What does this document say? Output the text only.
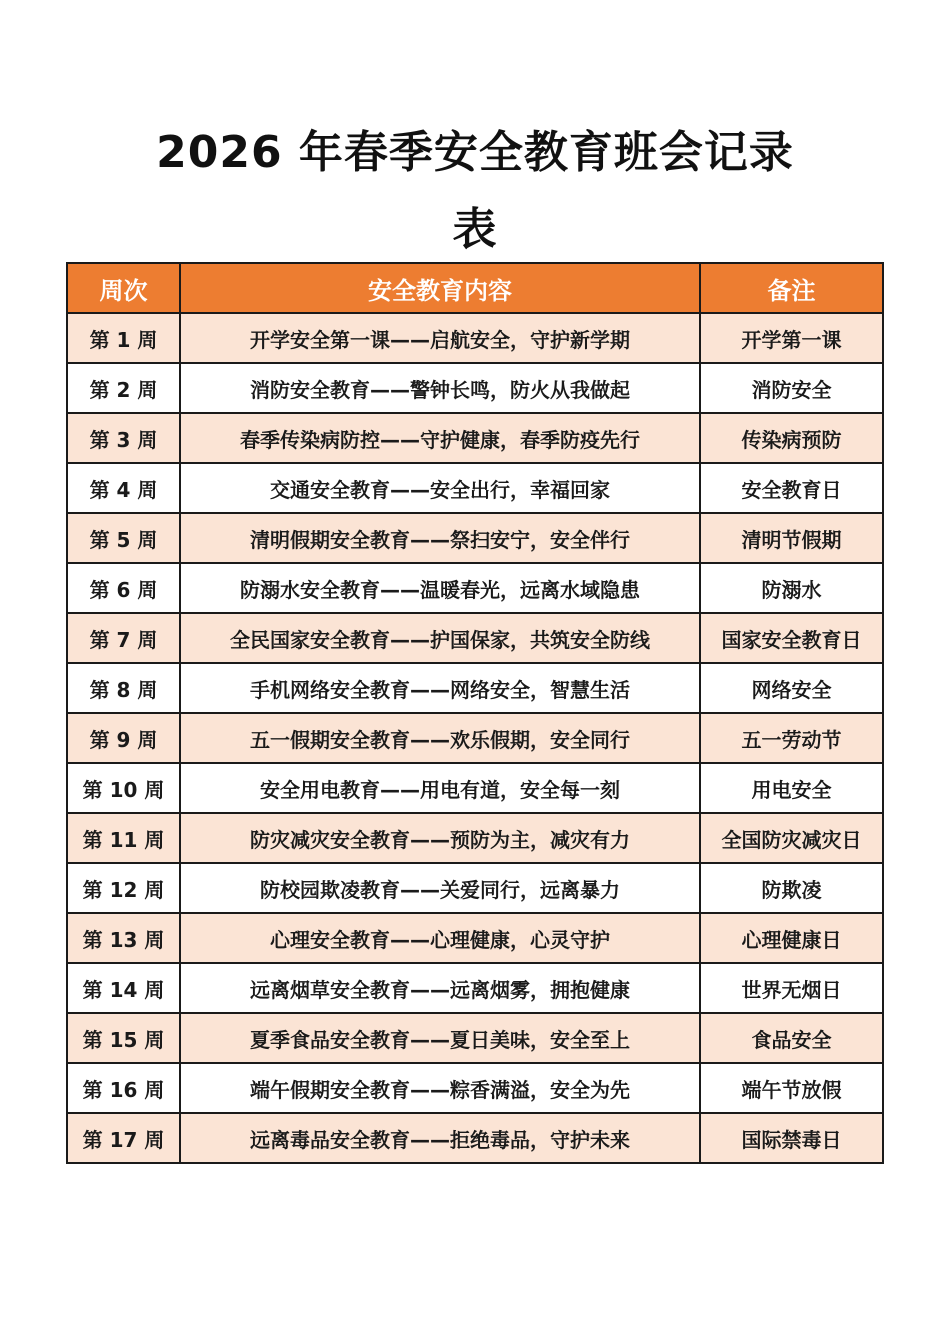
2026 年春季安全教育班会记录
表
周次	安全教育内容	备注
第 1 周	开学安全第一课——启航安全，守护新学期	开学第一课
第 2 周	消防安全教育——警钟长鸣，防火从我做起	消防安全
第 3 周	春季传染病防控——守护健康，春季防疫先行	传染病预防
第 4 周	交通安全教育——安全出行，幸福回家	安全教育日
第 5 周	清明假期安全教育——祭扫安宁，安全伴行	清明节假期
第 6 周	防溺水安全教育——温暖春光，远离水域隐患	防溺水
第 7 周	全民国家安全教育——护国保家，共筑安全防线	国家安全教育日
第 8 周	手机网络安全教育——网络安全，智慧生活	网络安全
第 9 周	五一假期安全教育——欢乐假期，安全同行	五一劳动节
第 10 周	安全用电教育——用电有道，安全每一刻	用电安全
第 11 周	防灾减灾安全教育——预防为主，减灾有力	全国防灾减灾日
第 12 周	防校园欺凌教育——关爱同行，远离暴力	防欺凌
第 13 周	心理安全教育——心理健康，心灵守护	心理健康日
第 14 周	远离烟草安全教育——远离烟雾，拥抱健康	世界无烟日
第 15 周	夏季食品安全教育——夏日美味，安全至上	食品安全
第 16 周	端午假期安全教育——粽香满溢，安全为先	端午节放假
第 17 周	远离毒品安全教育——拒绝毒品，守护未来	国际禁毒日
